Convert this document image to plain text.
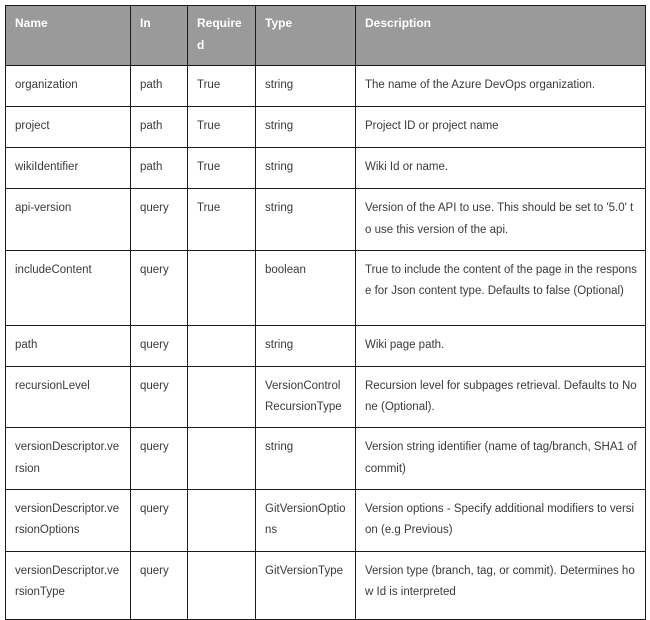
Name	In	Required	Type	Description
organization	path	True	string	The name of the Azure DevOps organization.
project	path	True	string	Project ID or project name
wikiIdentifier	path	True	string	Wiki Id or name.
api-version	query	True	string	Version of the API to use. This should be set to '5.0' to use this version of the api.
includeContent	query		boolean	True to include the content of the page in the response for Json content type. Defaults to false (Optional)
path	query		string	Wiki page path.
recursionLevel	query		VersionControlRecursionType	Recursion level for subpages retrieval. Defaults to None (Optional).
versionDescriptor.version	query		string	Version string identifier (name of tag/branch, SHA1 of commit)
versionDescriptor.versionOptions	query		GitVersionOptions	Version options - Specify additional modifiers to version (e.g Previous)
versionDescriptor.versionType	query		GitVersionType	Version type (branch, tag, or commit). Determines how Id is interpreted
